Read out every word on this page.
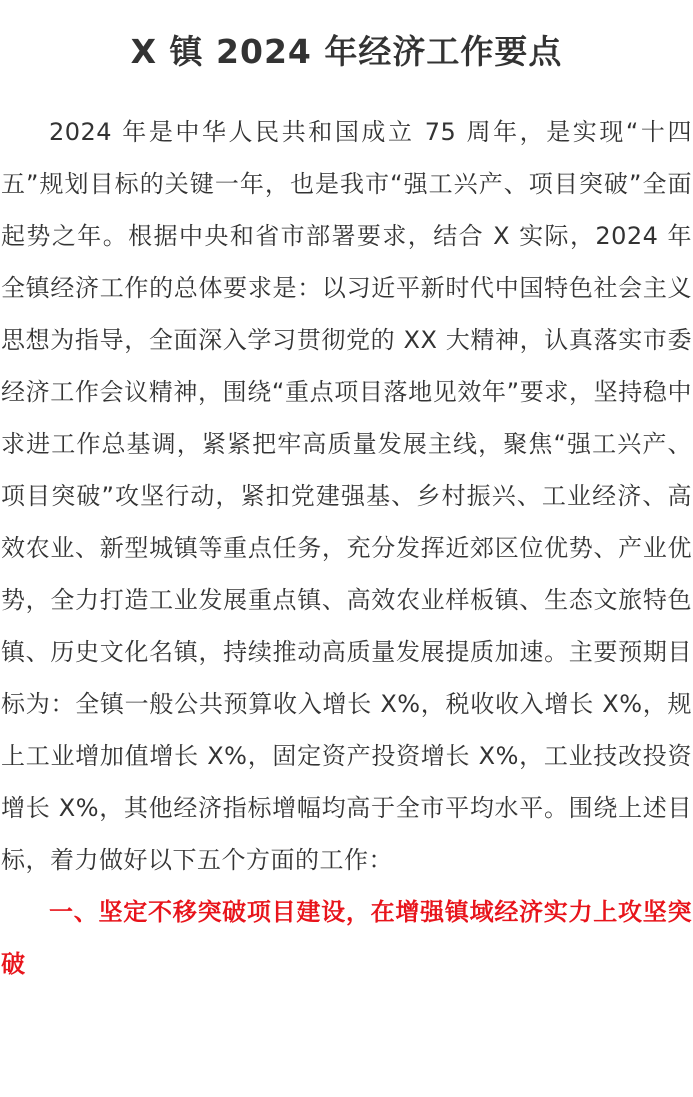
X 镇 2024 年经济工作要点

2024 年是中华人民共和国成立 75 周年，是实现“十四五”规划目标的关键一年，也是我市“强工兴产、项目突破”全面起势之年。根据中央和省市部署要求，结合 X 实际，2024 年全镇经济工作的总体要求是：以习近平新时代中国特色社会主义思想为指导，全面深入学习贯彻党的 XX 大精神，认真落实市委经济工作会议精神，围绕“重点项目落地见效年”要求，坚持稳中求进工作总基调，紧紧把牢高质量发展主线，聚焦“强工兴产、项目突破”攻坚行动，紧扣党建强基、乡村振兴、工业经济、高效农业、新型城镇等重点任务，充分发挥近郊区位优势、产业优势，全力打造工业发展重点镇、高效农业样板镇、生态文旅特色镇、历史文化名镇，持续推动高质量发展提质加速。主要预期目标为：全镇一般公共预算收入增长 X%，税收收入增长 X%，规上工业增加值增长 X%，固定资产投资增长 X%，工业技改投资增长 X%，其他经济指标增幅均高于全市平均水平。围绕上述目标，着力做好以下五个方面的工作：

一、坚定不移突破项目建设，在增强镇域经济实力上攻坚突破
